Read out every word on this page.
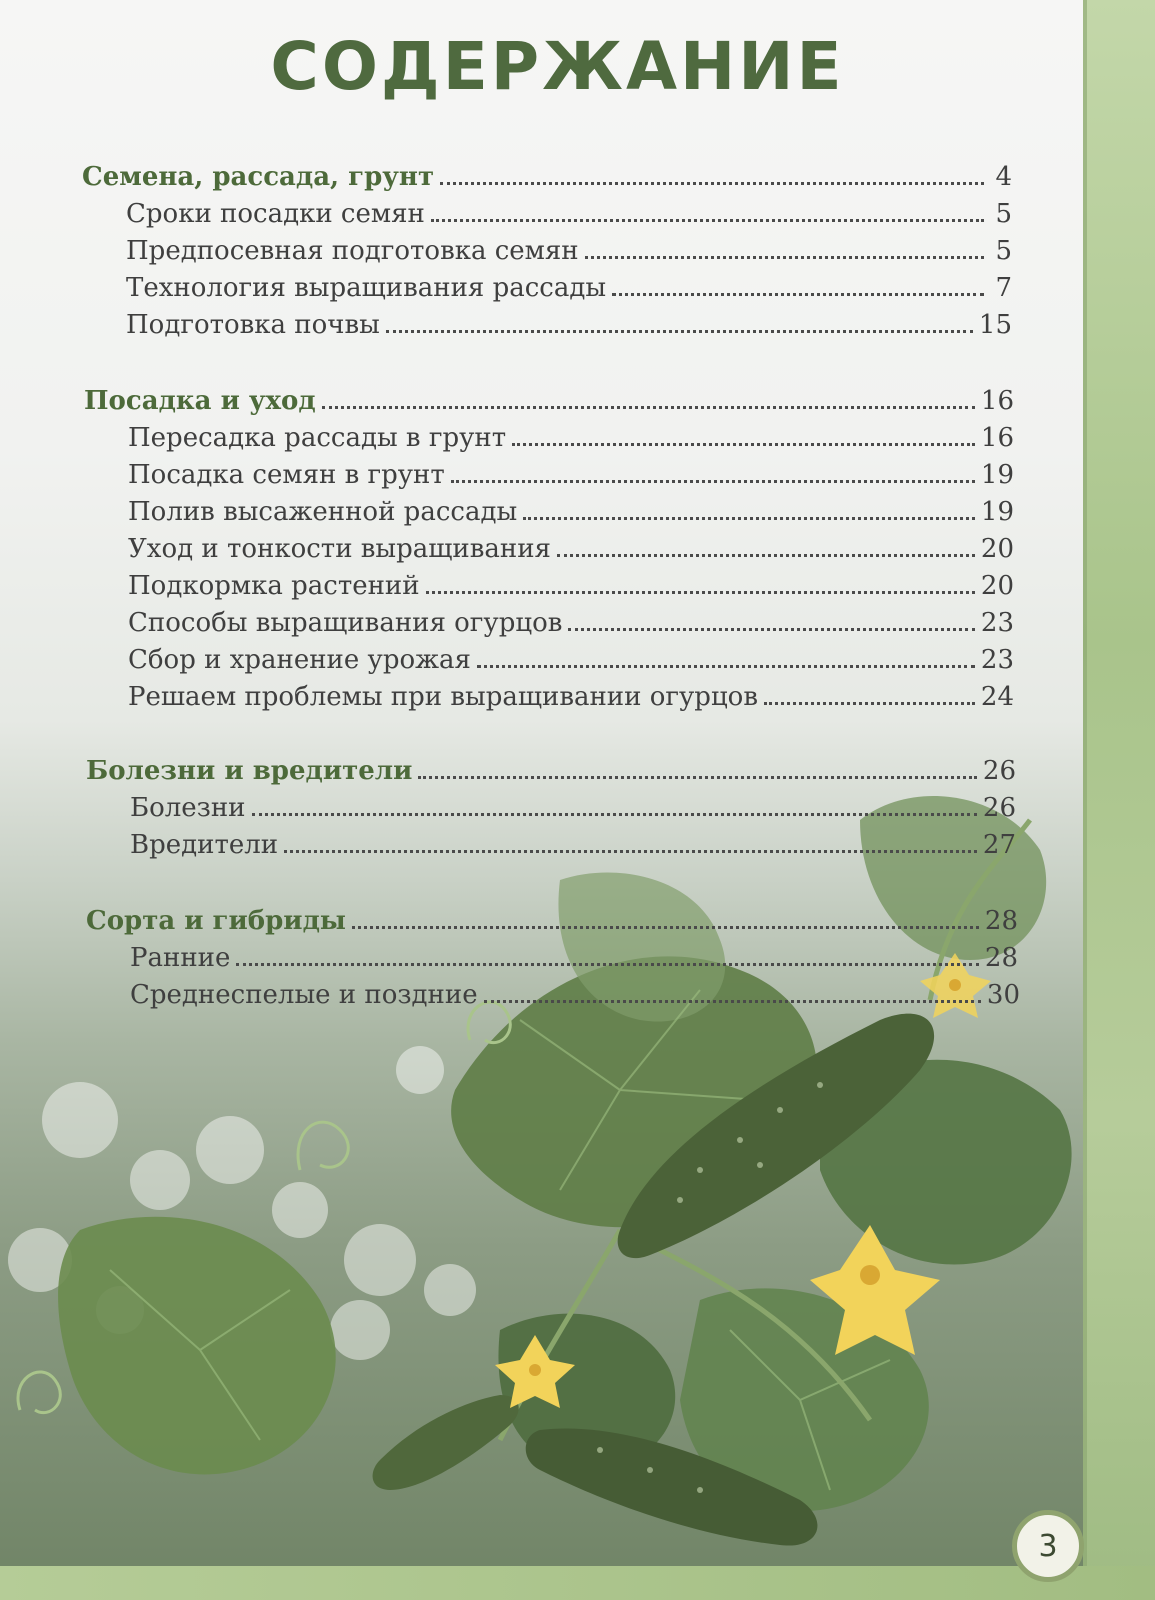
СОДЕРЖАНИЕ
Семена, рассада, грунт	4
Сроки посадки семян	5
Предпосевная подготовка семян	5
Технология выращивания рассады	7
Подготовка почвы	15
Посадка и уход	16
Пересадка рассады в грунт	16
Посадка семян в грунт	19
Полив высаженной рассады	19
Уход и тонкости выращивания	20
Подкормка растений	20
Способы выращивания огурцов	23
Сбор и хранение урожая	23
Решаем проблемы при выращивании огурцов	24
Болезни и вредители	26
Болезни	26
Вредители	27
Сорта и гибриды	28
Ранние	28
Среднеспелые и поздние	30
3
